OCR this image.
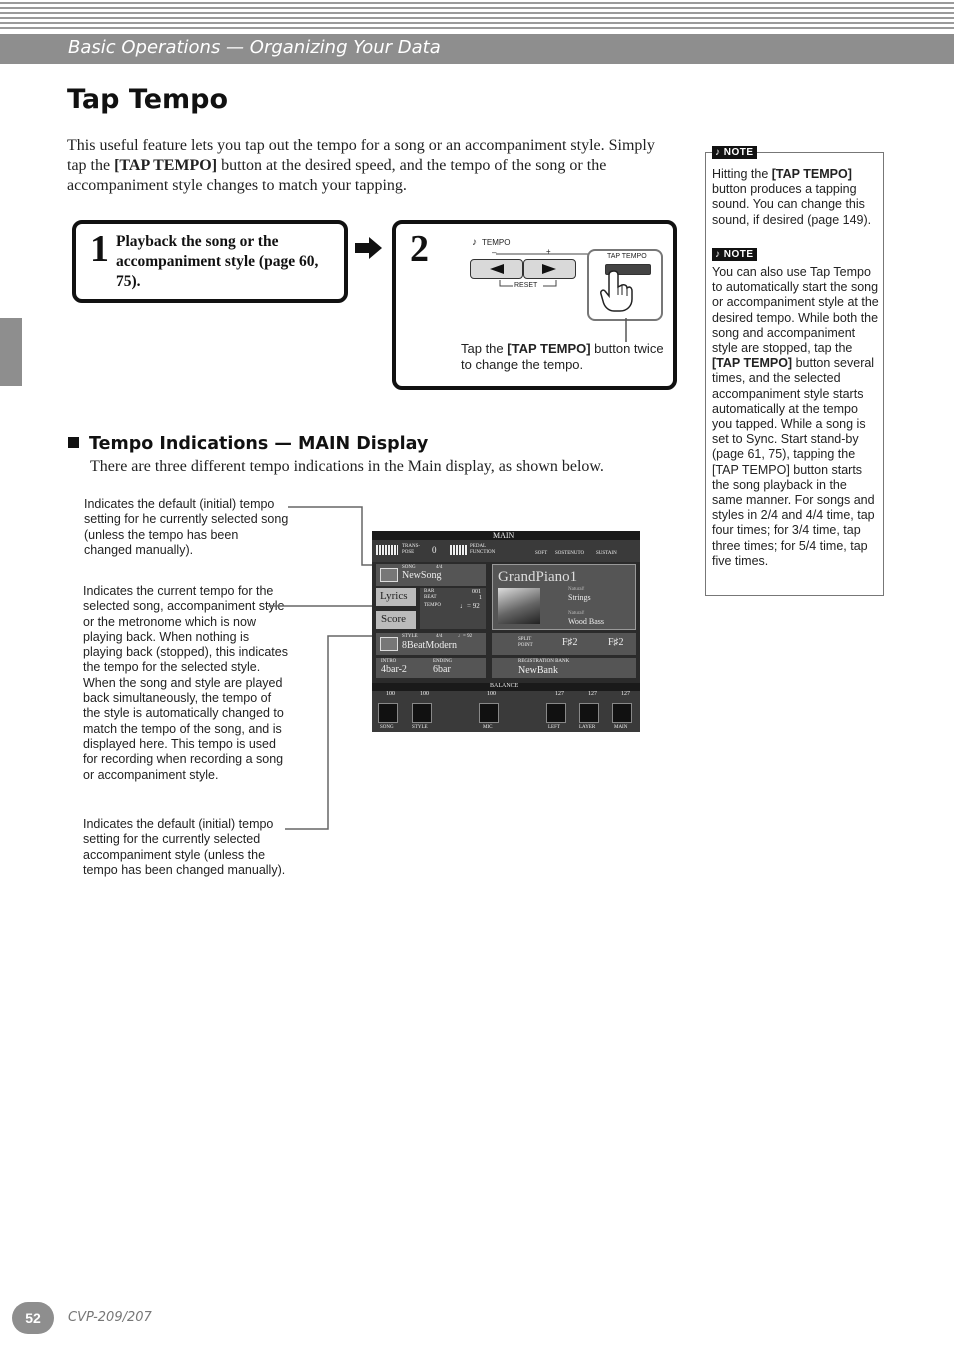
Basic Operations — Organizing Your Data
Tap Tempo

This useful feature lets you tap out the tempo for a song or an accompaniment style. Simply tap the [TAP TEMPO] button at the desired speed, and the tempo of the song or the accompaniment style changes to match your tapping.

1 Playback the song or the accompaniment style (page 60, 75).
2	♪ TEMPO
–	+
RESET
TAP TEMPO

Tap the [TAP TEMPO] button twice to change the tempo.

Tempo Indications — MAIN Display

There are three different tempo indications in the Main display, as shown below.

Indicates the default (initial) tempo setting for he currently selected song (unless the tempo has been changed manually).

Indicates the current tempo for the selected song, accompaniment style or the metronome which is now playing back. When nothing is playing back (stopped), this indicates the tempo for the selected style. When the song and style are played back simultaneously, the tempo of the style is automatically changed to match the tempo of the song, and is displayed here. This tempo is used for recording when recording a song or accompaniment style.

Indicates the default (initial) tempo setting for the currently selected accompaniment style (unless the tempo has been changed manually).

MAIN
TRANS-POSE	0	PEDAL FUNCTION	SOFT SOSTENUTO SUSTAIN
SONG	4/4
NewSong
Lyrics
Score
BAR	001
BEAT	1
TEMPO	♩= 92
STYLE	4/4	♩= 92
8BeatModern
INTRO
4bar-2
ENDING
6bar
GrandPiano1
Natural!
Strings
Natural!
Wood Bass
SPLIT POINT	F♯2	F♯2
REGISTRATION BANK
NewBank
BALANCE
100	100	100	127	127	127
SONG	STYLE	MIC	LEFT	LAYER	MAIN
♪ NOTE

Hitting the [TAP TEMPO] button produces a tapping sound. You can change this sound, if desired (page 149).

♪ NOTE

You can also use Tap Tempo to automatically start the song or accompaniment style at the desired tempo. While both the song and accompaniment style are stopped, tap the [TAP TEMPO] button several times, and the selected accompaniment style starts automatically at the tempo you tapped. While a song is set to Sync. Start stand-by (page 61, 75), tapping the [TAP TEMPO] button starts the song playback in the same manner. For songs and styles in 2/4 and 4/4 time, tap four times; for 3/4 time, tap three times; for 5/4 time, tap five times.

52	CVP-209/207
